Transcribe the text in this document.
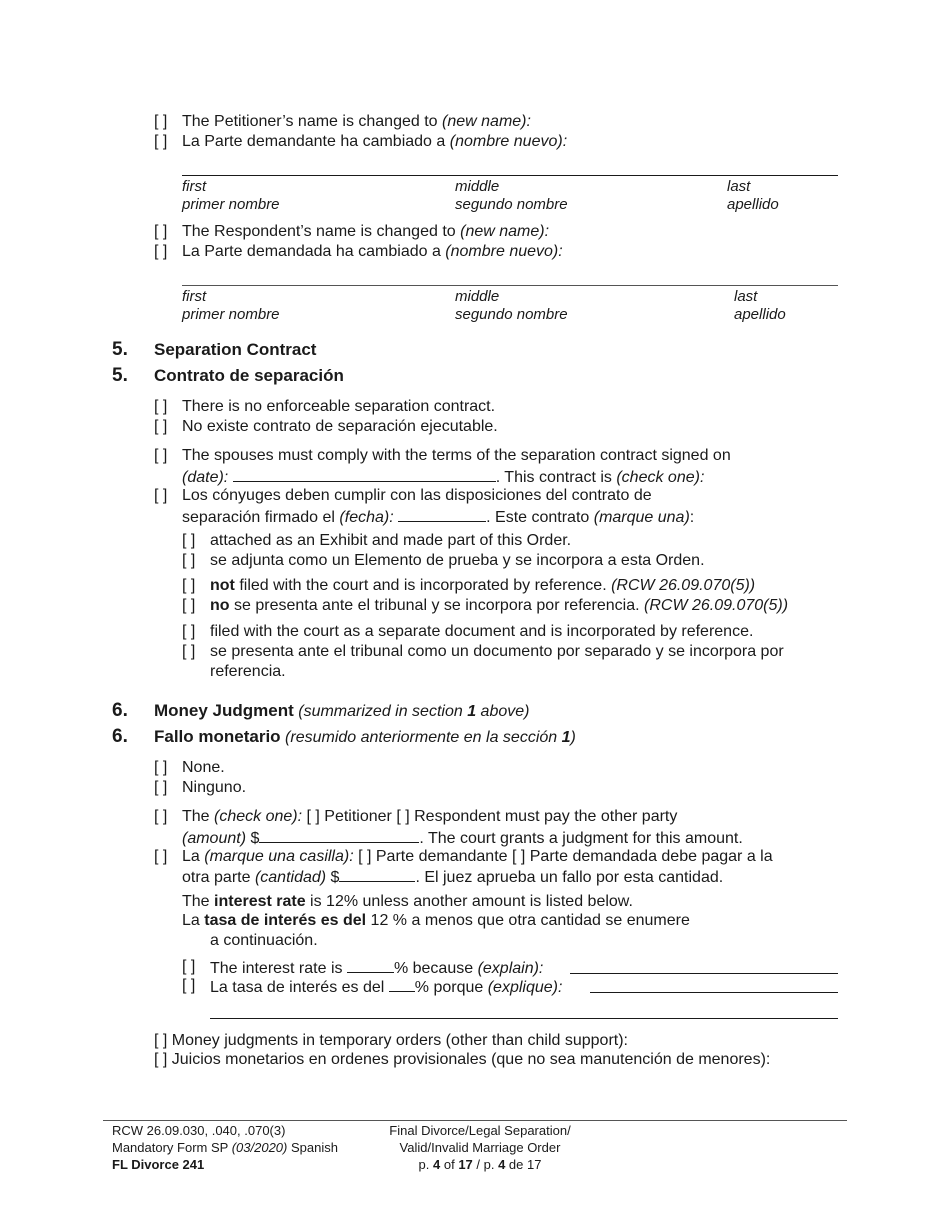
[ ] The Petitioner’s name is changed to (new name):
[ ] La Parte demandante ha cambiado a (nombre nuevo):
first
primer nombre
middle
segundo nombre
last
apellido
[ ] The Respondent’s name is changed to (new name):
[ ] La Parte demandada ha cambiado a (nombre nuevo):
first
primer nombre
middle
segundo nombre
last
apellido
5. Separation Contract
5. Contrato de separación
[ ] There is no enforceable separation contract.
[ ] No existe contrato de separación ejecutable.
[ ] The spouses must comply with the terms of the separation contract signed on
(date):	. This contract is (check one):
[ ] Los cónyuges deben cumplir con las disposiciones del contrato de
separación firmado el (fecha):	. Este contrato (marque una):
[ ] attached as an Exhibit and made part of this Order.
[ ] se adjunta como un Elemento de prueba y se incorpora a esta Orden.
[ ] not filed with the court and is incorporated by reference. (RCW 26.09.070(5))
[ ] no se presenta ante el tribunal y se incorpora por referencia. (RCW 26.09.070(5))
[ ] filed with the court as a separate document and is incorporated by reference.
[ ] se presenta ante el tribunal como un documento por separado y se incorpora por
referencia.
6. Money Judgment (summarized in section 1 above)
6. Fallo monetario (resumido anteriormente en la sección 1)
[ ] None.
[ ] Ninguno.
[ ] The (check one): [ ] Petitioner [ ] Respondent must pay the other party
(amount) $	. The court grants a judgment for this amount.
[ ] La (marque una casilla): [ ] Parte demandante [ ] Parte demandada debe pagar a la
otra parte (cantidad) $	. El juez aprueba un fallo por esta cantidad.
The interest rate is 12% unless another amount is listed below.
La tasa de interés es del 12 % a menos que otra cantidad se enumere
a continuación.
[ ] The interest rate is	% because (explain):
[ ] La tasa de interés es del % porque (explique):
[ ] Money judgments in temporary orders (other than child support):
[ ] Juicios monetarios en ordenes provisionales (que no sea manutención de menores):
RCW 26.09.030, .040, .070(3)
Mandatory Form SP (03/2020) Spanish
FL Divorce 241
Final Divorce/Legal Separation/
Valid/Invalid Marriage Order
p. 4 of 17 / p. 4 de 17
